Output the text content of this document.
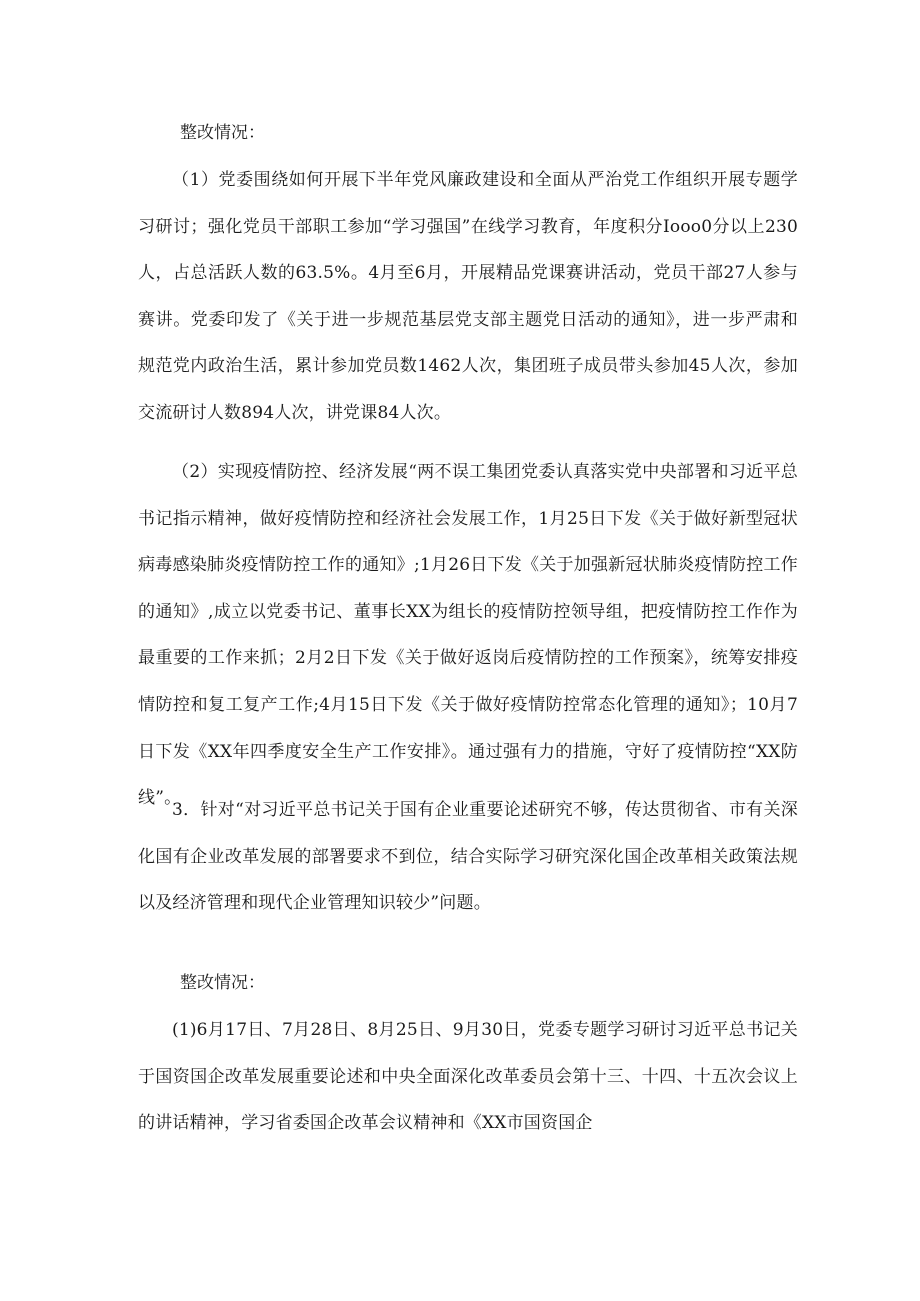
整改情况：

（1）党委围绕如何开展下半年党风廉政建设和全面从严治党工作组织开展专题学习研讨；强化党员干部职工参加“学习强国”在线学习教育，年度积分Iooo0分以上230人，占总活跃人数的63.5%。4月至6月，开展精品党课赛讲活动，党员干部27人参与赛讲。党委印发了《关于进一步规范基层党支部主题党日活动的通知》，进一步严肃和规范党内政治生活，累计参加党员数1462人次，集团班子成员带头参加45人次，参加交流研讨人数894人次，讲党课84人次。

（2）实现疫情防控、经济发展“两不误工集团党委认真落实党中央部署和习近平总书记指示精神，做好疫情防控和经济社会发展工作，1月25日下发《关于做好新型冠状病毒感染肺炎疫情防控工作的通知》;1月26日下发《关于加强新冠状肺炎疫情防控工作的通知》,成立以党委书记、董事长XX为组长的疫情防控领导组，把疫情防控工作作为最重要的工作来抓；2月2日下发《关于做好返岗后疫情防控的工作预案》，统筹安排疫情防控和复工复产工作;4月15日下发《关于做好疫情防控常态化管理的通知》；10月7日下发《XX年四季度安全生产工作安排》。通过强有力的措施，守好了疫情防控“XX防线”。

3．针对“对习近平总书记关于国有企业重要论述研究不够，传达贯彻省、市有关深化国有企业改革发展的部署要求不到位，结合实际学习研究深化国企改革相关政策法规以及经济管理和现代企业管理知识较少”问题。

整改情况：

(1)6月17日、7月28日、8月25日、9月30日，党委专题学习研讨习近平总书记关于国资国企改革发展重要论述和中央全面深化改革委员会第十三、十四、十五次会议上的讲话精神，学习省委国企改革会议精神和《XX市国资国企
